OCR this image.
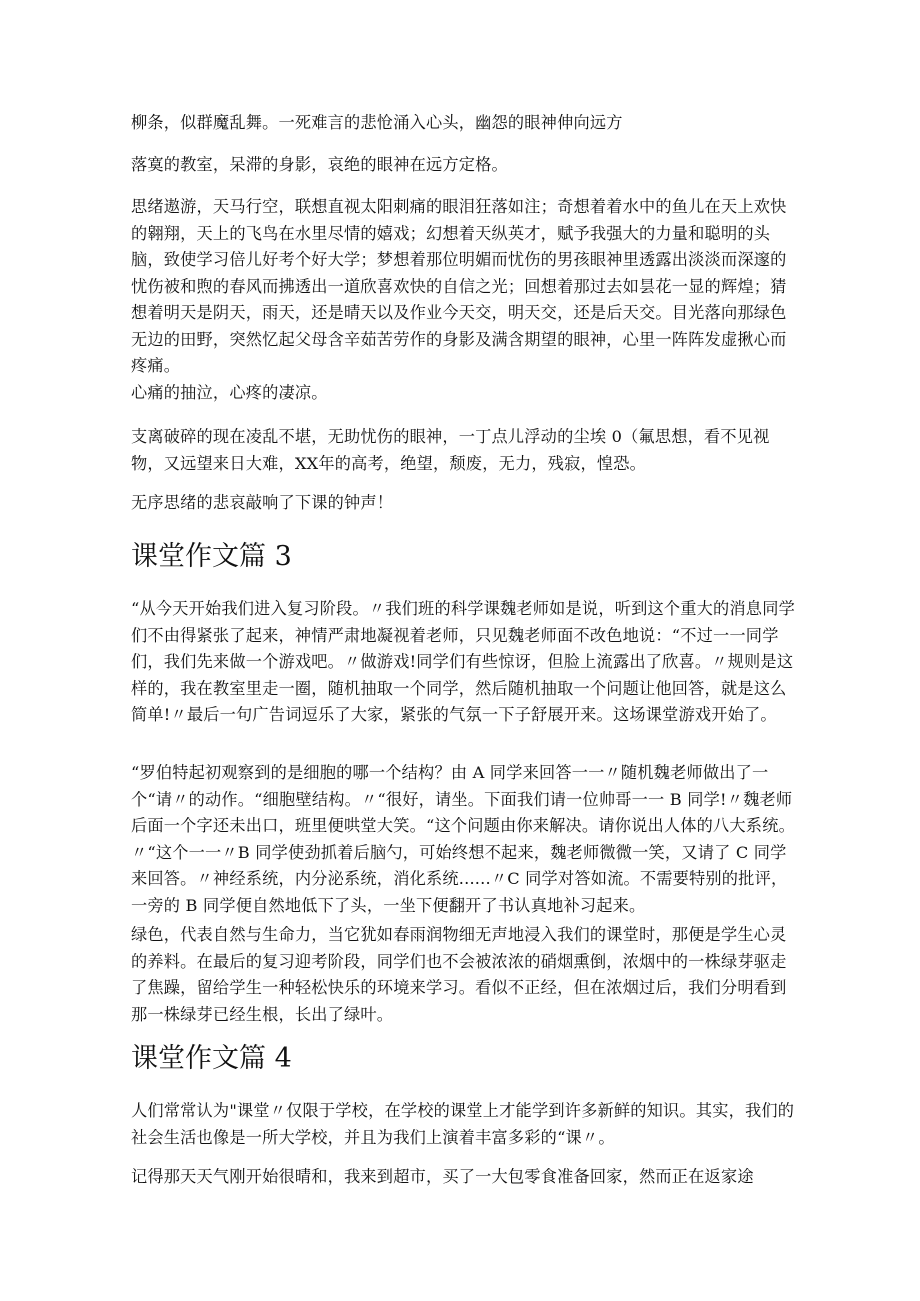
柳条，似群魔乱舞。一死难言的悲怆涌入心头，幽怨的眼神伸向远方

落寞的教室，呆滞的身影，哀绝的眼神在远方定格。

思绪遨游，天马行空，联想直视太阳刺痛的眼泪狂落如注；奇想着着水中的鱼儿在天上欢快的翱翔，天上的飞鸟在水里尽情的嬉戏；幻想着天纵英才，赋予我强大的力量和聪明的头脑，致使学习倍儿好考个好大学；梦想着那位明媚而忧伤的男孩眼神里透露出淡淡而深邃的忧伤被和煦的春风而拂透出一道欣喜欢快的自信之光；回想着那过去如昙花一显的辉煌；猜想着明天是阴天，雨天，还是晴天以及作业今天交，明天交，还是后天交。目光落向那绿色无边的田野，突然忆起父母含辛茹苦劳作的身影及满含期望的眼神，心里一阵阵发虚揪心而疼痛。

心痛的抽泣，心疼的凄凉。

支离破碎的现在凌乱不堪，无助忧伤的眼神，一丁点儿浮动的尘埃 0（氟思想，看不见视物，又远望来日大难，XX年的高考，绝望，颓废，无力，残寂，惶恐。

无序思绪的悲哀敲响了下课的钟声！

课堂作文篇 3

“从今天开始我们进入复习阶段。〃我们班的科学课魏老师如是说，听到这个重大的消息同学们不由得紧张了起来，神情严肃地凝视着老师，只见魏老师面不改色地说：“不过一一同学们，我们先来做一个游戏吧。〃做游戏!同学们有些惊讶，但脸上流露出了欣喜。〃规则是这样的，我在教室里走一圈，随机抽取一个同学，然后随机抽取一个问题让他回答，就是这么简单!〃最后一句广告词逗乐了大家，紧张的气氛一下子舒展开来。这场课堂游戏开始了。

“罗伯特起初观察到的是细胞的哪一个结构？由 A 同学来回答一一〃随机魏老师做出了一个“请〃的动作。“细胞壁结构。〃“很好，请坐。下面我们请一位帅哥一一 B 同学!〃魏老师后面一个字还未出口，班里便哄堂大笑。“这个问题由你来解决。请你说出人体的八大系统。〃“这个一一〃B 同学使劲抓着后脑勺，可始终想不起来，魏老师微微一笑，又请了 C 同学来回答。〃神经系统，内分泌系统，消化系统......〃C 同学对答如流。不需要特别的批评，一旁的 B 同学便自然地低下了头，一坐下便翻开了书认真地补习起来。

绿色，代表自然与生命力，当它犹如春雨润物细无声地浸入我们的课堂时，那便是学生心灵的养料。在最后的复习迎考阶段，同学们也不会被浓浓的硝烟熏倒，浓烟中的一株绿芽驱走了焦躁，留给学生一种轻松快乐的环境来学习。看似不正经，但在浓烟过后，我们分明看到那一株绿芽已经生根，长出了绿叶。

课堂作文篇 4

人们常常认为"课堂〃仅限于学校，在学校的课堂上才能学到许多新鲜的知识。其实，我们的社会生活也像是一所大学校，并且为我们上演着丰富多彩的“课〃。

记得那天天气刚开始很晴和，我来到超市，买了一大包零食准备回家，然而正在返家途
